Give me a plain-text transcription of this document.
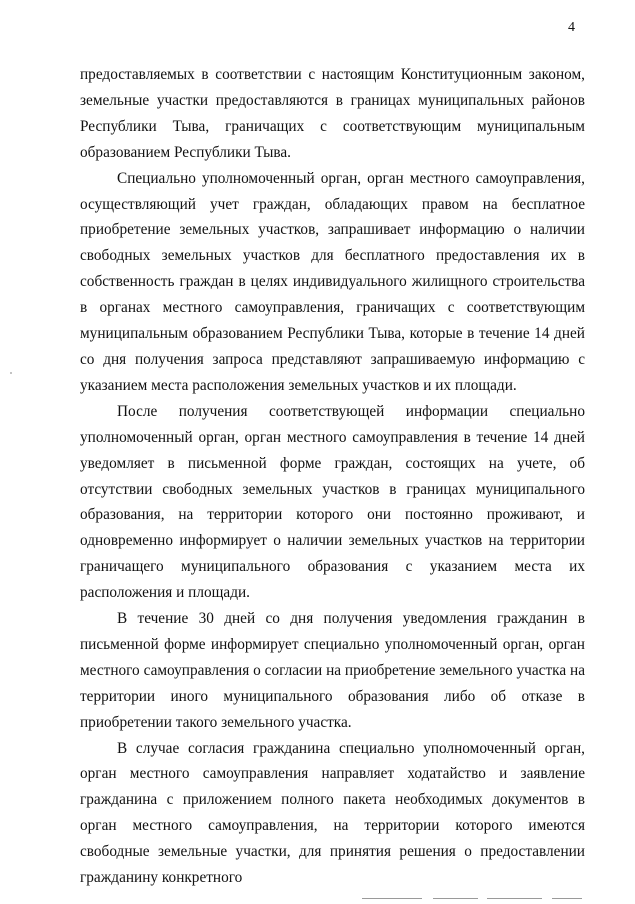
4

предоставляемых в соответствии с настоящим Конституционным законом, земельные участки предоставляются в границах муниципальных районов Республики Тыва, граничащих с соответствующим муниципальным образованием Республики Тыва.

Специально уполномоченный орган, орган местного самоуправления, осуществляющий учет граждан, обладающих правом на бесплатное приобретение земельных участков, запрашивает информацию о наличии свободных земельных участков для бесплатного предоставления их в собственность граждан в целях индивидуального жилищного строительства в органах местного самоуправления, граничащих с соответствующим муниципальным образованием Республики Тыва, которые в течение 14 дней со дня получения запроса представляют запрашиваемую информацию с указанием места расположения земельных участков и их площади.

После получения соответствующей информации специально уполномоченный орган, орган местного самоуправления в течение 14 дней уведомляет в письменной форме граждан, состоящих на учете, об отсутствии свободных земельных участков в границах муниципального образования, на территории которого они постоянно проживают, и одновременно информирует о наличии земельных участков на территории граничащего муниципального образования с указанием места их расположения и площади.

В течение 30 дней со дня получения уведомления гражданин в письменной форме информирует специально уполномоченный орган, орган местного самоуправления о согласии на приобретение земельного участка на территории иного муниципального образования либо об отказе в приобретении такого земельного участка.

В случае согласия гражданина специально уполномоченный орган, орган местного самоуправления направляет ходатайство и заявление гражданина с приложением полного пакета необходимых документов в орган местного самоуправления, на территории которого имеются свободные земельные участки, для принятия решения о предоставлении гражданину конкретного
